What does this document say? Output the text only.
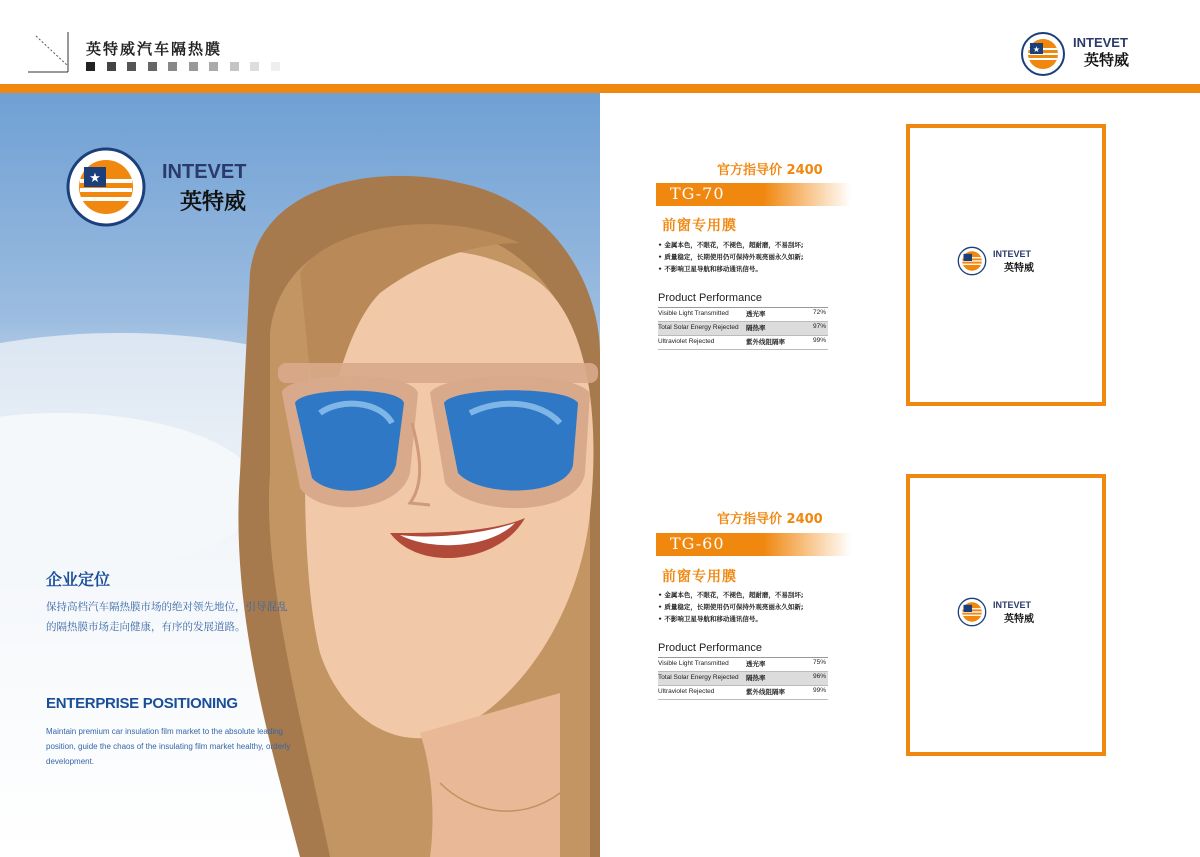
英特威汽车隔热膜	★	INTEVET
英特威
★	INTEVET
英特威
企业定位
保持高档汽车隔热膜市场的绝对领先地位，引导混乱的隔热膜市场走向健康，有序的发展道路。
ENTERPRISE POSITIONING
Maintain premium car insulation film market to the absolute leading position, guide the chaos of the insulating film market healthy, orderly development.
官方指导价 2400
TG-70
前窗专用膜
• 金属本色，不眼花，不褪色，超耐磨，不易刮坏;
• 质量稳定，长期使用仍可保持外观亮丽永久如新;
• 不影响卫星导航和移动通讯信号。
Product Performance
Visible Light Transmitted	透光率	72%
Total Solar Energy Rejected 隔热率	97%
Ultraviolet Rejected	紫外线阻隔率	99%
INTEVET
英特威
官方指导价 2400
TG-60
前窗专用膜
• 金属本色，不眼花，不褪色，超耐磨，不易刮坏;
• 质量稳定，长期使用仍可保持外观亮丽永久如新;
• 不影响卫星导航和移动通讯信号。
Product Performance
Visible Light Transmitted	透光率	75%
Total Solar Energy Rejected 隔热率	96%
Ultraviolet Rejected	紫外线阻隔率	99%
INTEVET
英特威
